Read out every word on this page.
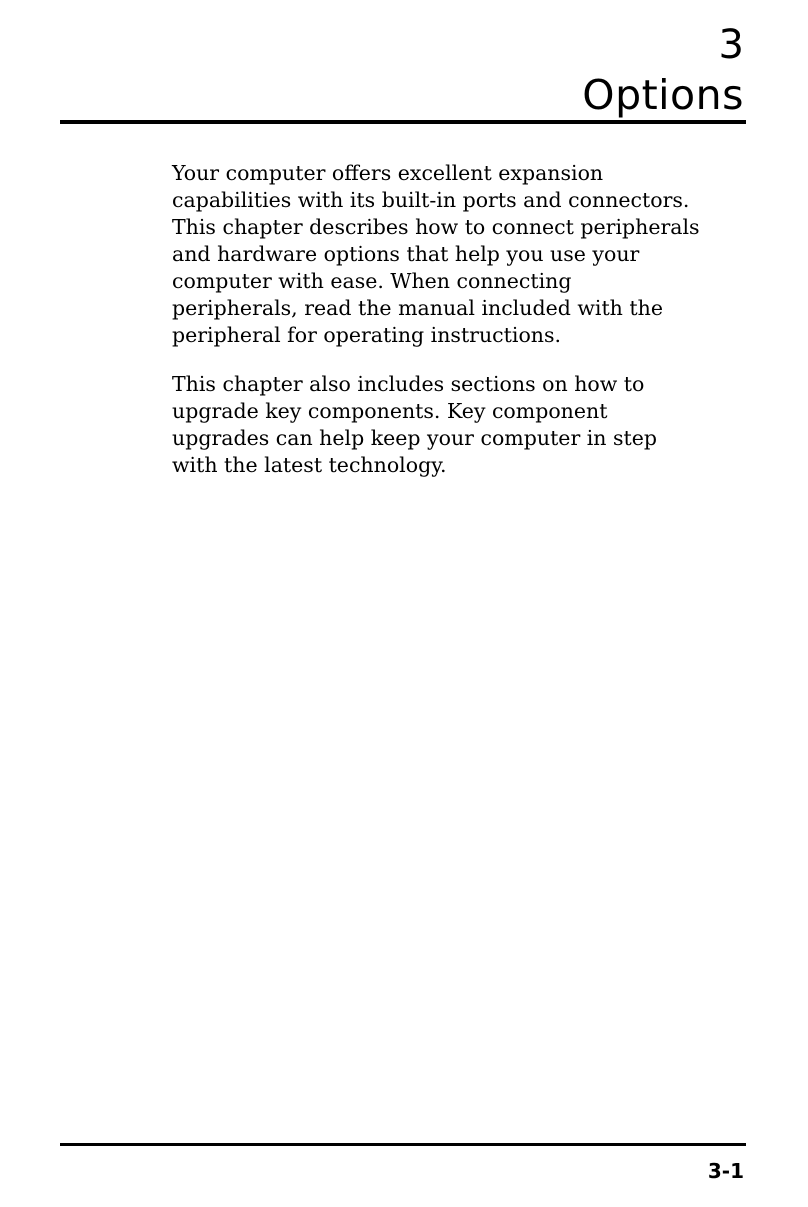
3
Options

Your computer offers excellent expansion
capabilities with its built-in ports and connectors.
This chapter describes how to connect peripherals
and hardware options that help you use your
computer with ease. When connecting
peripherals, read the manual included with the
peripheral for operating instructions.

This chapter also includes sections on how to
upgrade key components. Key component
upgrades can help keep your computer in step
with the latest technology.

3-1
